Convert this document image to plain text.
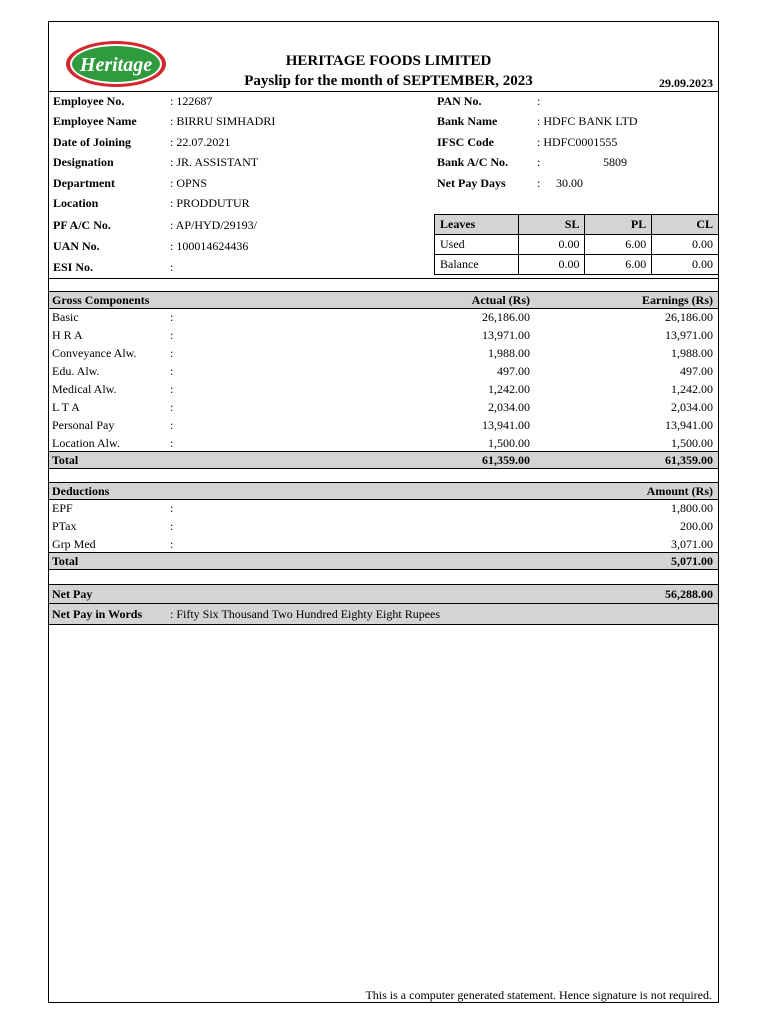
Heritage	HERITAGE FOODS LIMITED
Payslip for the month of SEPTEMBER, 2023	29.09.2023
Employee No.	: 122687
Employee Name	: BIRRU SIMHADRI
Date of Joining	: 22.07.2021
Designation	: JR. ASSISTANT
Department	: OPNS
Location	: PRODDUTUR
PF A/C No.	: AP/HYD/29193/
UAN No.	: 100014624436
ESI No.	:
PAN No.	:
Bank Name	: HDFC BANK LTD
IFSC Code	: HDFC0001555
Bank A/C No. :	5809
Net Pay Days	: 30.00
Leaves	SL	PL	CL
Used	0.00	6.00	0.00
Balance	0.00	6.00	0.00
Gross Components	Actual (Rs)	Earnings (Rs)
Basic	:	26,186.00	26,186.00
H R A	:	13,971.00	13,971.00
Conveyance Alw.	:	1,988.00	1,988.00
Edu. Alw.	:	497.00	497.00
Medical Alw.	:	1,242.00	1,242.00
L T A	:	2,034.00	2,034.00
Personal Pay	:	13,941.00	13,941.00
Location Alw.	:	1,500.00	1,500.00
Total	61,359.00	61,359.00
Deductions	Amount (Rs)
EPF	:	1,800.00
PTax	:	200.00
Grp Med	:	3,071.00
Total	5,071.00
Net Pay	56,288.00
Net Pay in Words : Fifty Six Thousand Two Hundred Eighty Eight Rupees
This is a computer generated statement. Hence signature is not required.
